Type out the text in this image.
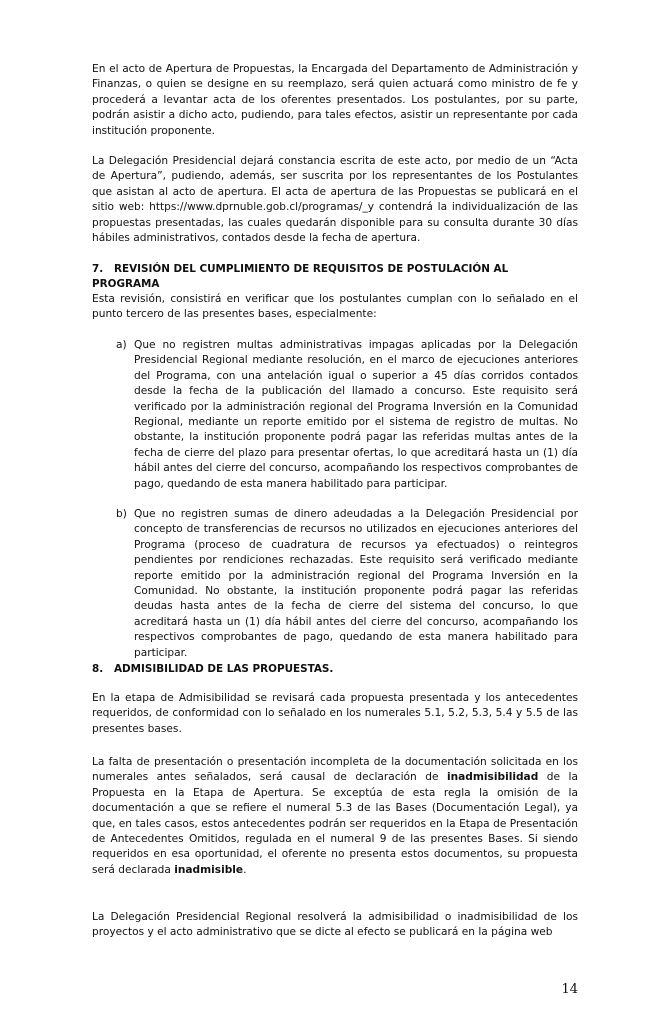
En el acto de Apertura de Propuestas, la Encargada del Departamento de Administración y Finanzas, o quien se designe en su reemplazo, será quien actuará como ministro de fe y procederá a levantar acta de los oferentes presentados. Los postulantes, por su parte, podrán asistir a dicho acto, pudiendo, para tales efectos, asistir un representante por cada institución proponente.

La Delegación Presidencial dejará constancia escrita de este acto, por medio de un “Acta de Apertura”, pudiendo, además, ser suscrita por los representantes de los Postulantes que asistan al acto de apertura. El acta de apertura de las Propuestas se publicará en el sitio web: https://www.dprnuble.gob.cl/programas/_y contendrá la individualización de las propuestas presentadas, las cuales quedarán disponible para su consulta durante 30 días hábiles administrativos, contados desde la fecha de apertura.

7. REVISIÓN DEL CUMPLIMIENTO DE REQUISITOS DE POSTULACIÓN AL PROGRAMA

Esta revisión, consistirá en verificar que los postulantes cumplan con lo señalado en el punto tercero de las presentes bases, especialmente:

a) Que no registren multas administrativas impagas aplicadas por la Delegación Presidencial Regional mediante resolución, en el marco de ejecuciones anteriores del Programa, con una antelación igual o superior a 45 días corridos contados desde la fecha de la publicación del llamado a concurso. Este requisito será verificado por la administración regional del Programa Inversión en la Comunidad Regional, mediante un reporte emitido por el sistema de registro de multas. No obstante, la institución proponente podrá pagar las referidas multas antes de la fecha de cierre del plazo para presentar ofertas, lo que acreditará hasta un (1) día hábil antes del cierre del concurso, acompañando los respectivos comprobantes de pago, quedando de esta manera habilitado para participar.

b) Que no registren sumas de dinero adeudadas a la Delegación Presidencial por concepto de transferencias de recursos no utilizados en ejecuciones anteriores del Programa (proceso de cuadratura de recursos ya efectuados) o reintegros pendientes por rendiciones rechazadas. Este requisito será verificado mediante reporte emitido por la administración regional del Programa Inversión en la Comunidad. No obstante, la institución proponente podrá pagar las referidas deudas hasta antes de la fecha de cierre del sistema del concurso, lo que acreditará hasta un (1) día hábil antes del cierre del concurso, acompañando los respectivos comprobantes de pago, quedando de esta manera habilitado para participar.

8. ADMISIBILIDAD DE LAS PROPUESTAS.

En la etapa de Admisibilidad se revisará cada propuesta presentada y los antecedentes requeridos, de conformidad con lo señalado en los numerales 5.1, 5.2, 5.3, 5.4 y 5.5 de las presentes bases.

La falta de presentación o presentación incompleta de la documentación solicitada en los numerales antes señalados, será causal de declaración de inadmisibilidad de la Propuesta en la Etapa de Apertura. Se exceptúa de esta regla la omisión de la documentación a que se refiere el numeral 5.3 de las Bases (Documentación Legal), ya que, en tales casos, estos antecedentes podrán ser requeridos en la Etapa de Presentación de Antecedentes Omitidos, regulada en el numeral 9 de las presentes Bases. Si siendo requeridos en esa oportunidad, el oferente no presenta estos documentos, su propuesta será declarada inadmisible.

La Delegación Presidencial Regional resolverá la admisibilidad o inadmisibilidad de los proyectos y el acto administrativo que se dicte al efecto se publicará en la página web

14
